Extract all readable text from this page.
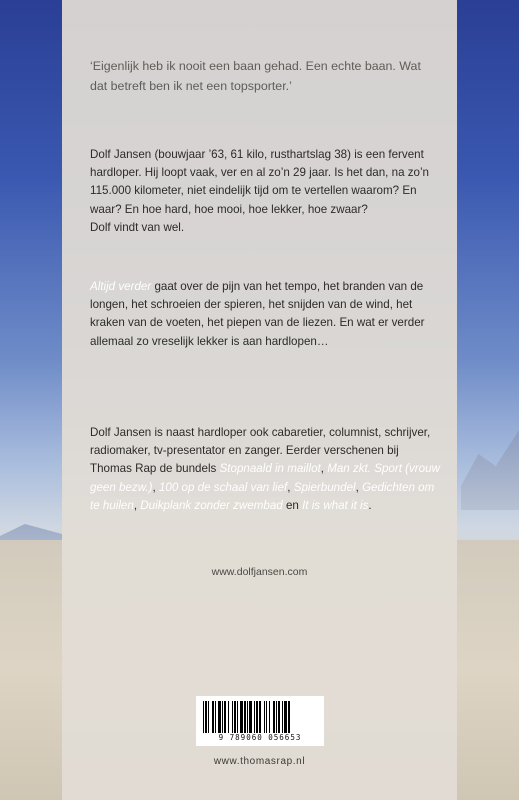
‘Eigenlijk heb ik nooit een baan gehad. Een echte baan. Wat dat betreft ben ik net een topsporter.’

Dolf Jansen (bouwjaar ’63, 61 kilo, rusthartslag 38) is een fervent hardloper. Hij loopt vaak, ver en al zo’n 29 jaar. Is het dan, na zo’n 115.000 kilometer, niet eindelijk tijd om te vertellen waarom? En waar? En hoe hard, hoe mooi, hoe lekker, hoe zwaar?
Dolf vindt van wel.

Altijd verder gaat over de pijn van het tempo, het branden van de longen, het schroeien der spieren, het snijden van de wind, het kraken van de voeten, het piepen van de liezen. En wat er verder allemaal zo vreselijk lekker is aan hardlopen…

Dolf Jansen is naast hardloper ook cabaretier, columnist, schrijver, radiomaker, tv-presentator en zanger. Eerder verschenen bij Thomas Rap de bundels Stopnaald in maillot, Man zkt. Sport (vrouw geen bezw.), 100 op de schaal van lief, Spierbundel, Gedichten om te huilen, Duikplank zonder zwembad en It is what it is.

www.dolfjansen.com
9 789060 056653
www.thomasrap.nl
